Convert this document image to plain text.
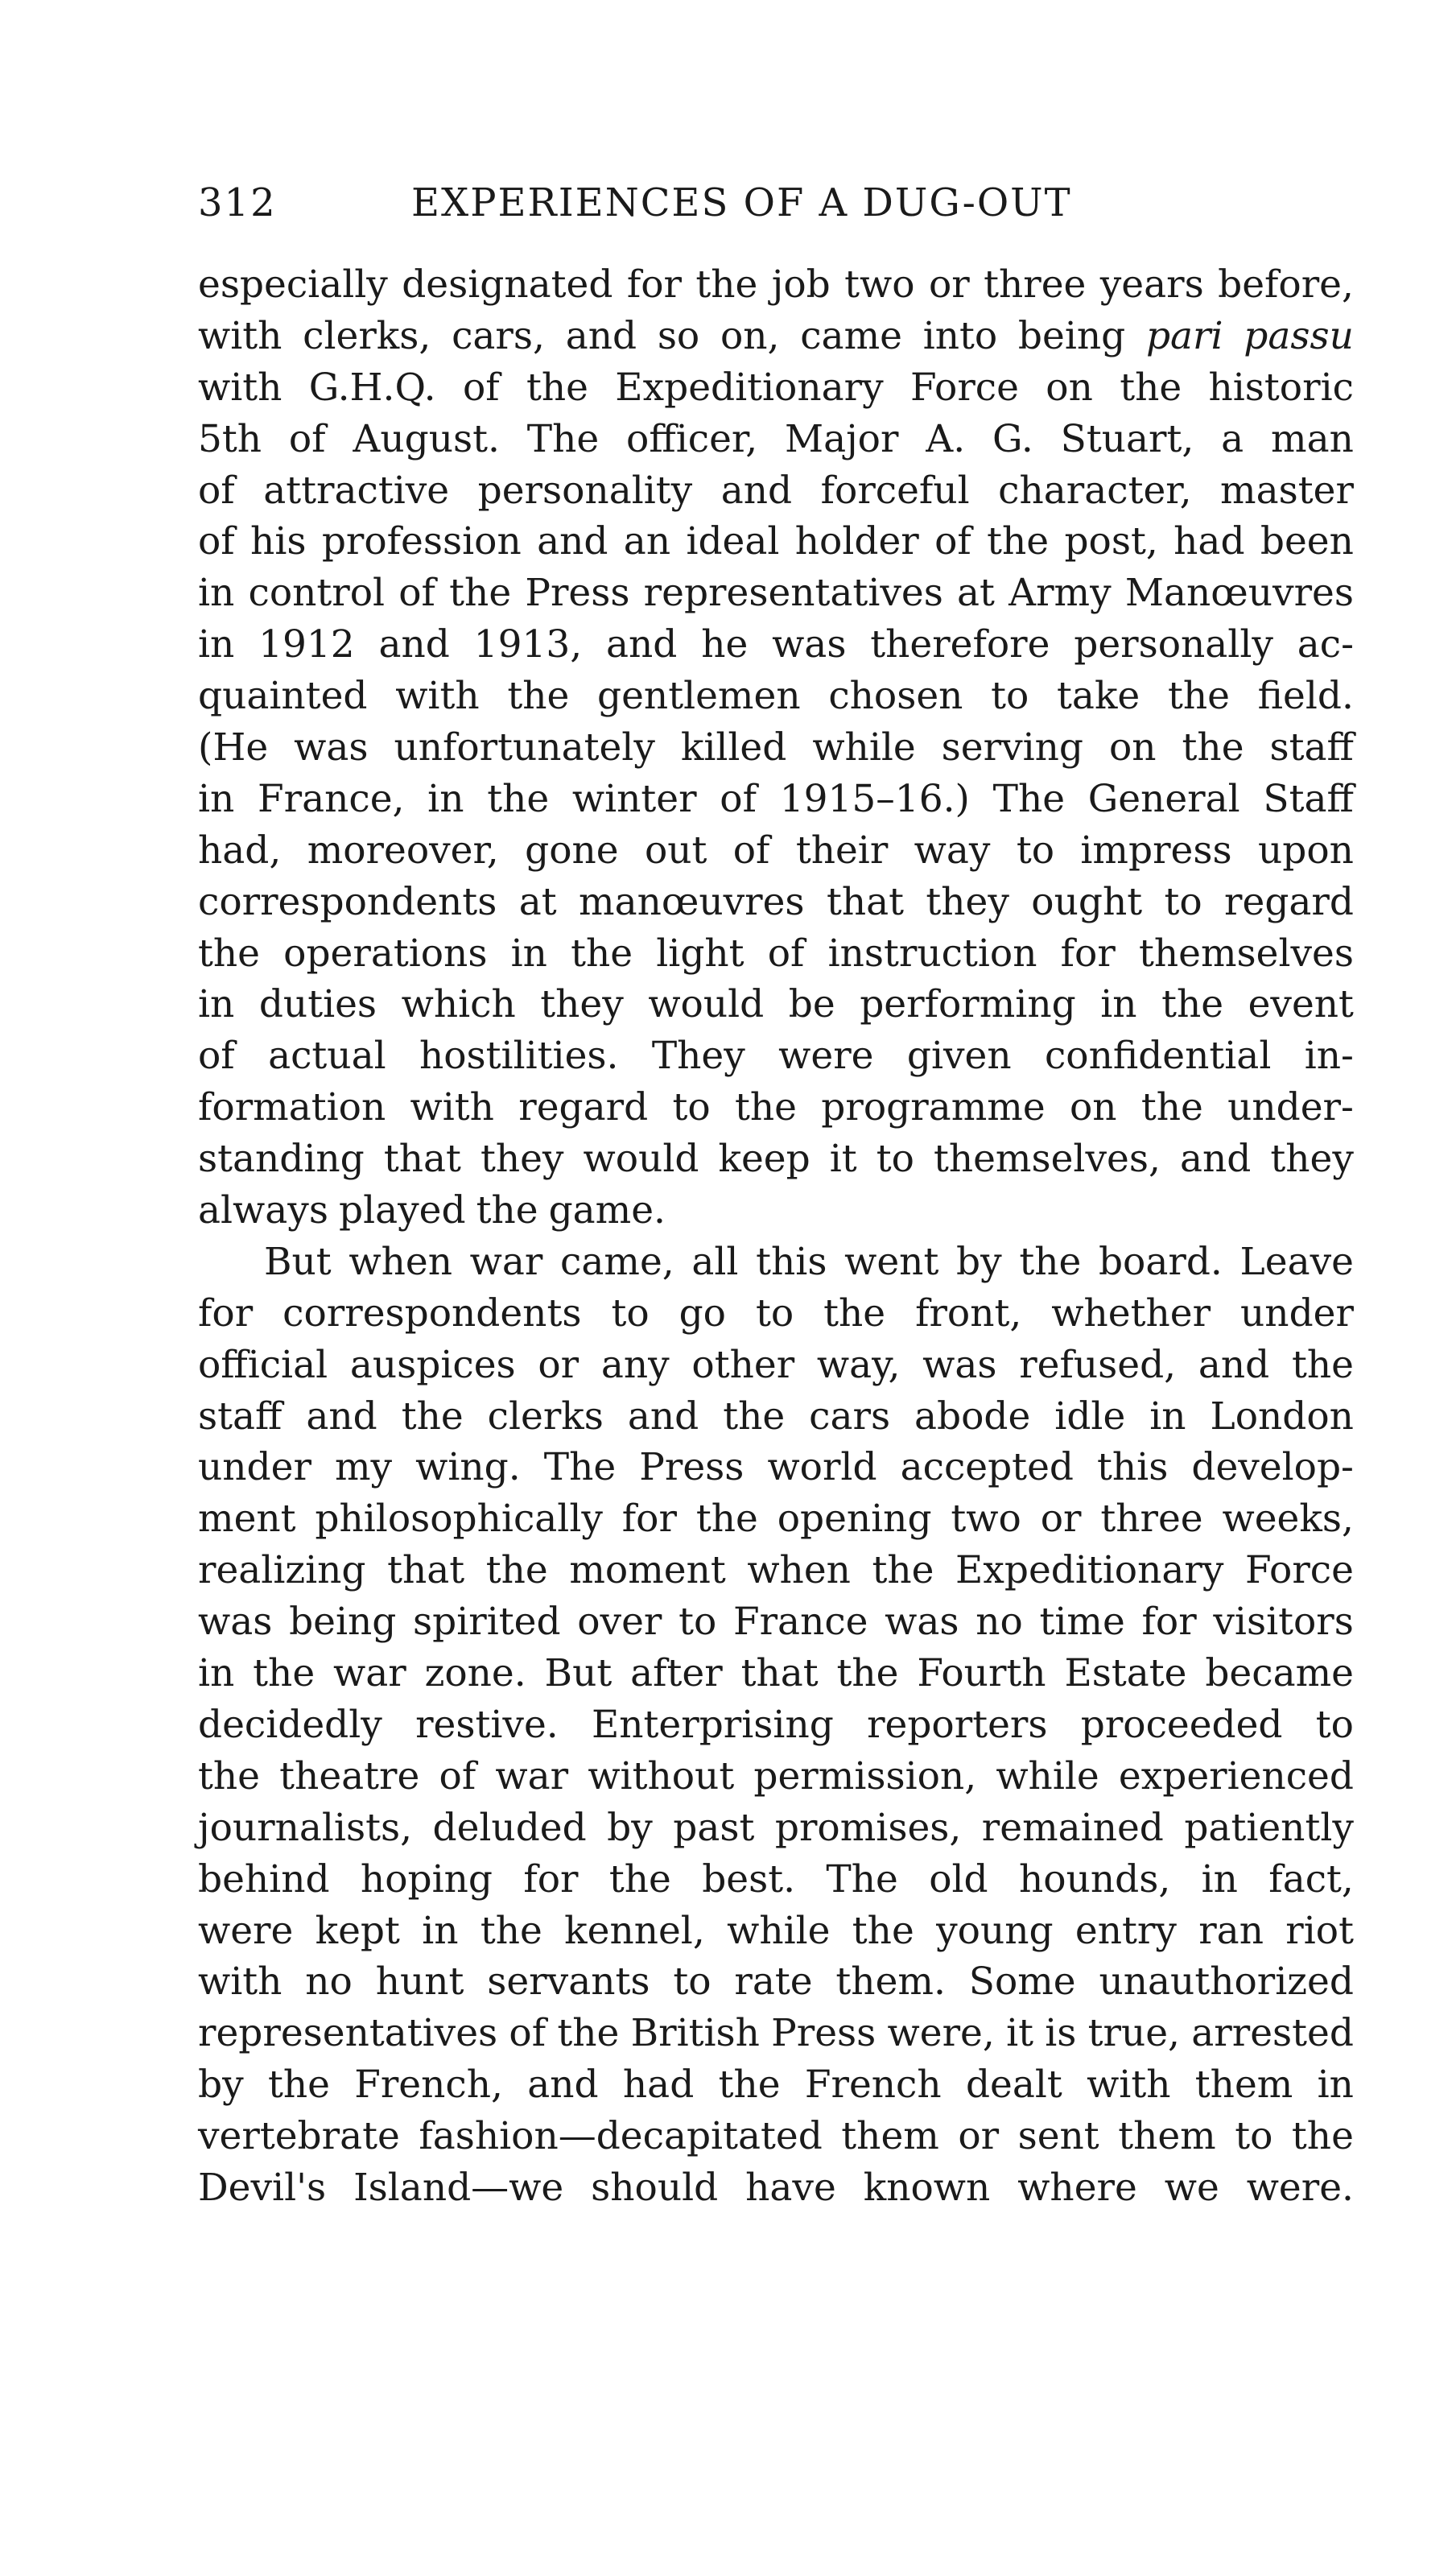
312	EXPERIENCES OF A DUG-OUT
especially designated for the job two or three years before,
with clerks, cars, and so on, came into being pari passu
with G.H.Q. of the Expeditionary Force on the historic
5th of August. The officer, Major A. G. Stuart, a man
of attractive personality and forceful character, master
of his profession and an ideal holder of the post, had been
in control of the Press representatives at Army Manœuvres
in 1912 and 1913, and he was therefore personally ac-
quainted with the gentlemen chosen to take the field.
(He was unfortunately killed while serving on the staff
in France, in the winter of 1915–16.) The General Staff
had, moreover, gone out of their way to impress upon
correspondents at manœuvres that they ought to regard
the operations in the light of instruction for themselves
in duties which they would be performing in the event
of actual hostilities. They were given confidential in-
formation with regard to the programme on the under-
standing that they would keep it to themselves, and they
always played the game.
But when war came, all this went by the board. Leave
for correspondents to go to the front, whether under
official auspices or any other way, was refused, and the
staff and the clerks and the cars abode idle in London
under my wing. The Press world accepted this develop-
ment philosophically for the opening two or three weeks,
realizing that the moment when the Expeditionary Force
was being spirited over to France was no time for visitors
in the war zone. But after that the Fourth Estate became
decidedly restive. Enterprising reporters proceeded to
the theatre of war without permission, while experienced
journalists, deluded by past promises, remained patiently
behind hoping for the best. The old hounds, in fact,
were kept in the kennel, while the young entry ran riot
with no hunt servants to rate them. Some unauthorized
representatives of the British Press were, it is true, arrested
by the French, and had the French dealt with them in
vertebrate fashion—decapitated them or sent them to the
Devil's Island—we should have known where we were.
